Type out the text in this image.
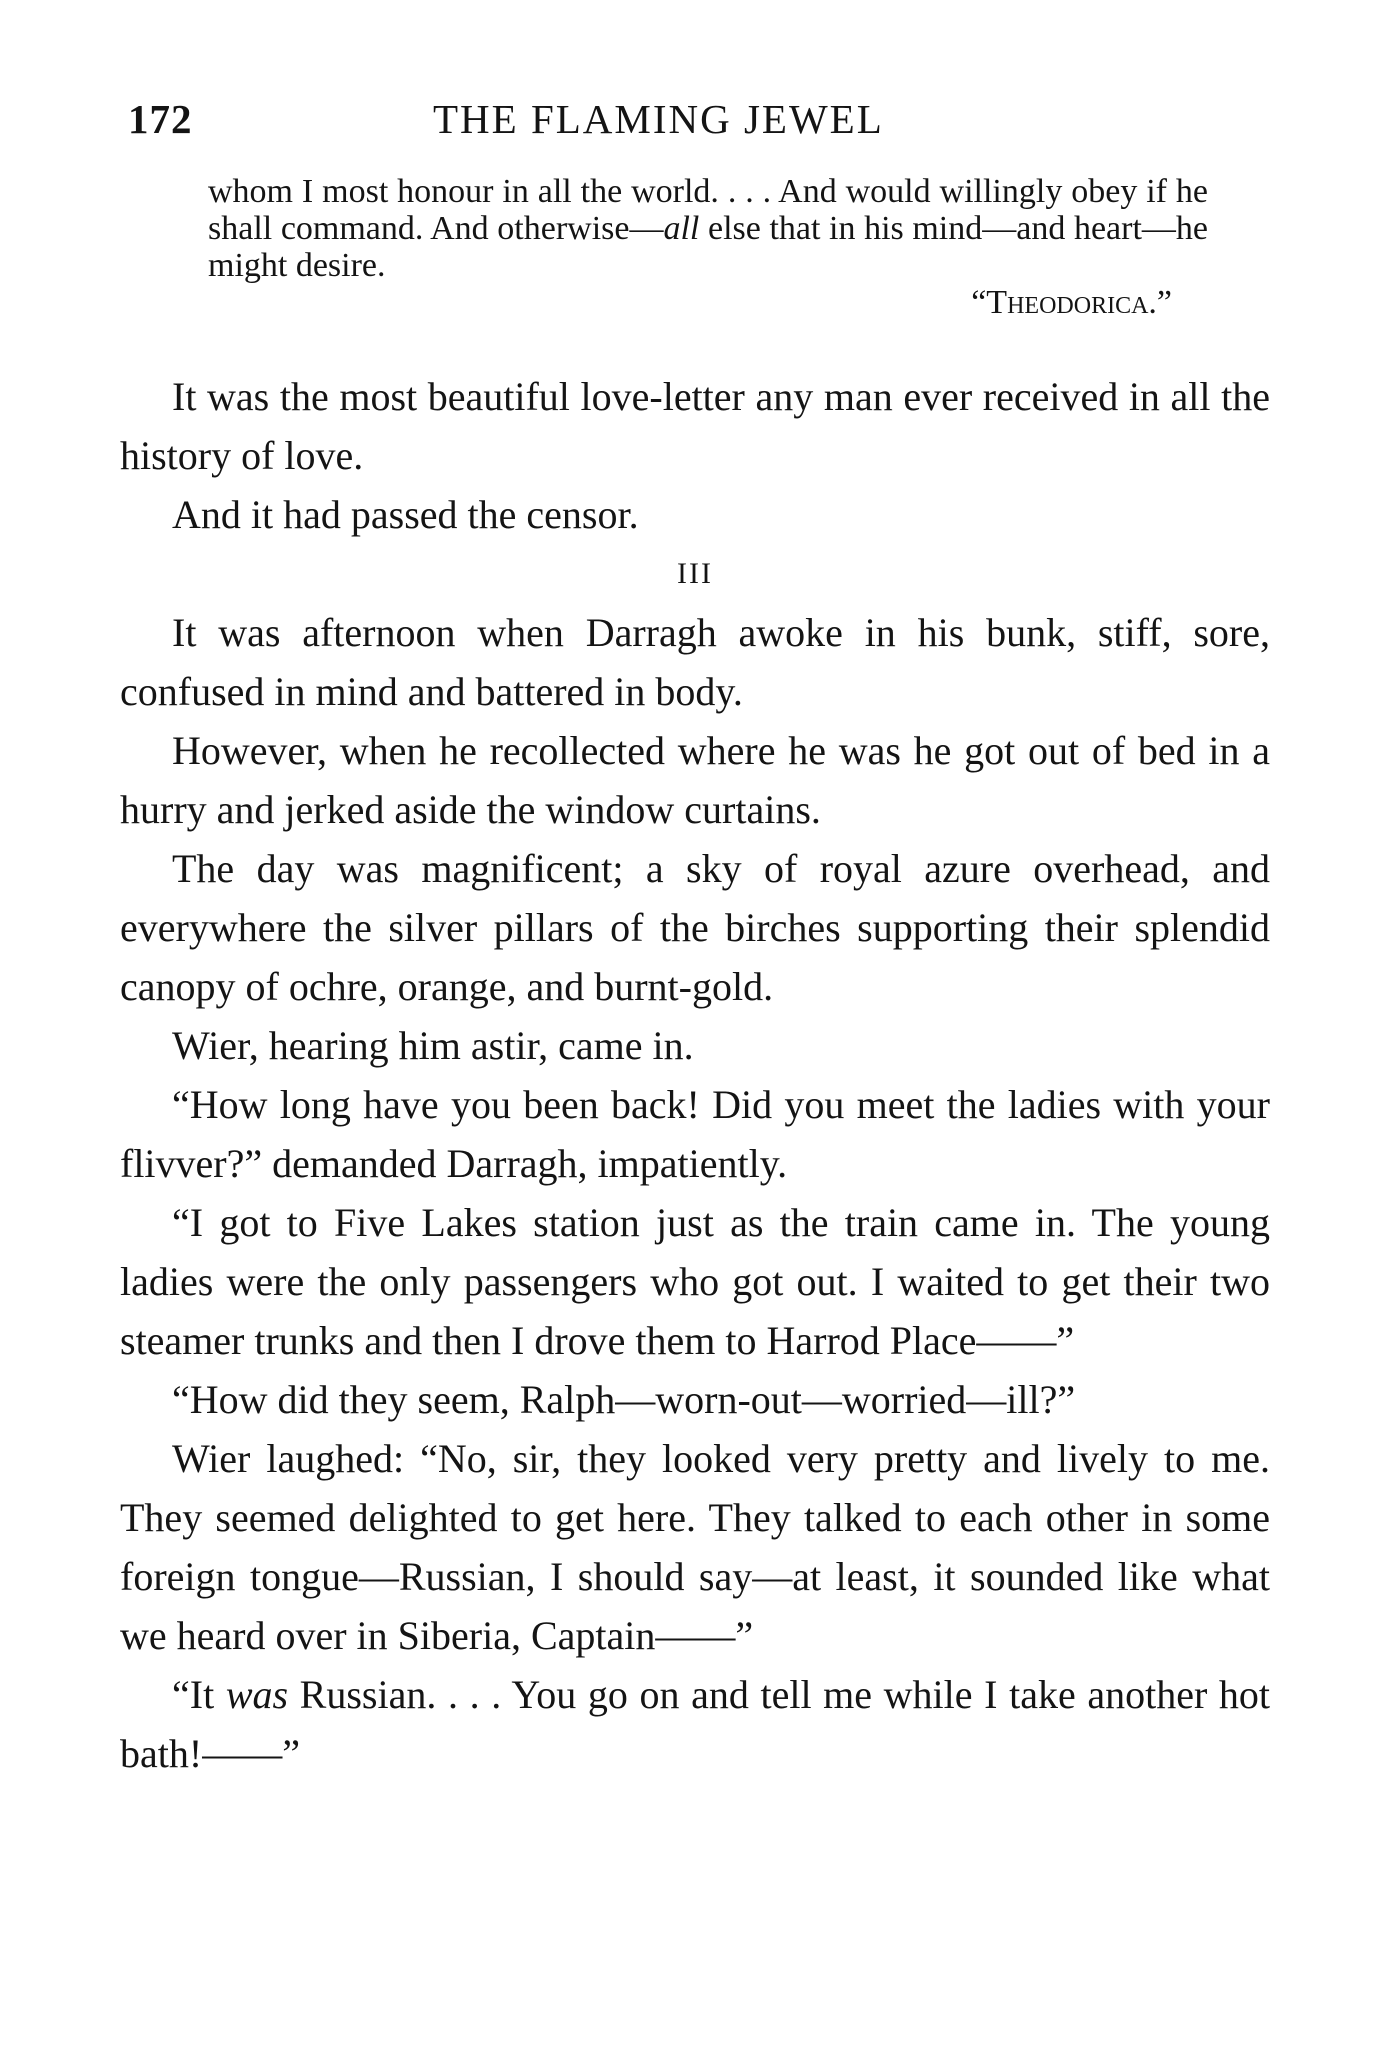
172	THE FLAMING JEWEL

whom I most honour in all the world. . . . And would willingly obey if he shall command. And otherwise—all else that in his mind—and heart—he might desire.

“Theodorica.”

It was the most beautiful love-letter any man ever received in all the history of love.

And it had passed the censor.

III

It was afternoon when Darragh awoke in his bunk, stiff, sore, confused in mind and battered in body.

However, when he recollected where he was he got out of bed in a hurry and jerked aside the window curtains.

The day was magnificent; a sky of royal azure overhead, and everywhere the silver pillars of the birches supporting their splendid canopy of ochre, orange, and burnt-gold.

Wier, hearing him astir, came in.

“How long have you been back! Did you meet the ladies with your flivver?” demanded Darragh, impatiently.

“I got to Five Lakes station just as the train came in. The young ladies were the only passengers who got out. I waited to get their two steamer trunks and then I drove them to Harrod Place——”

“How did they seem, Ralph—worn-out—worried—ill?”

Wier laughed: “No, sir, they looked very pretty and lively to me. They seemed delighted to get here. They talked to each other in some foreign tongue—Russian, I should say—at least, it sounded like what we heard over in Siberia, Captain——”

“It was Russian. . . . You go on and tell me while I take another hot bath!——”
